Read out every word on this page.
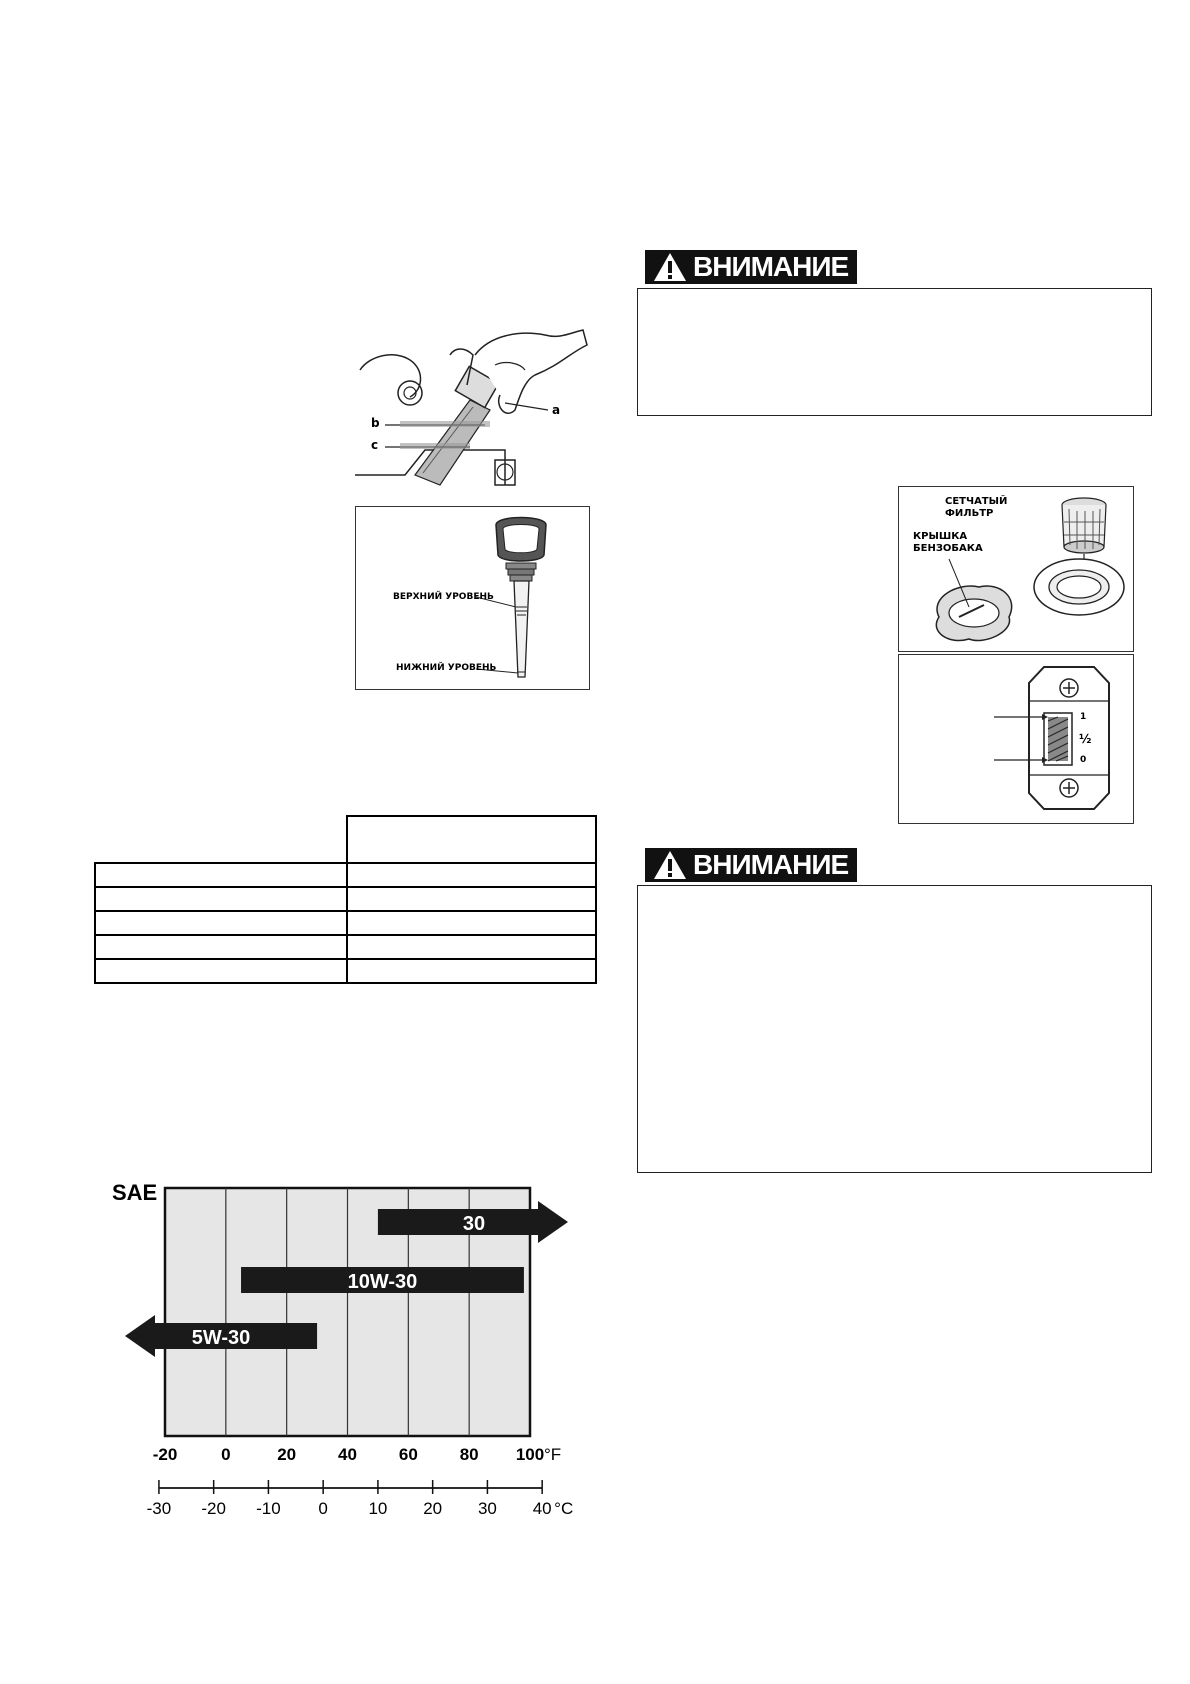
ВНИМАНИЕ
ВНИМАНИЕ
b
c
a
ВЕРХНИЙ УРОВЕНЬ
НИЖНИЙ УРОВЕНЬ

СЕТЧАТЫЙ
ФИЛЬТР
КРЫШКА
БЕНЗОБАКА
1
½
0
SAE
30
10W-30
5W-30
-20	0	20 40 60 80 100 °F
-30 -20 -10 0 10 20 30 40 °C
